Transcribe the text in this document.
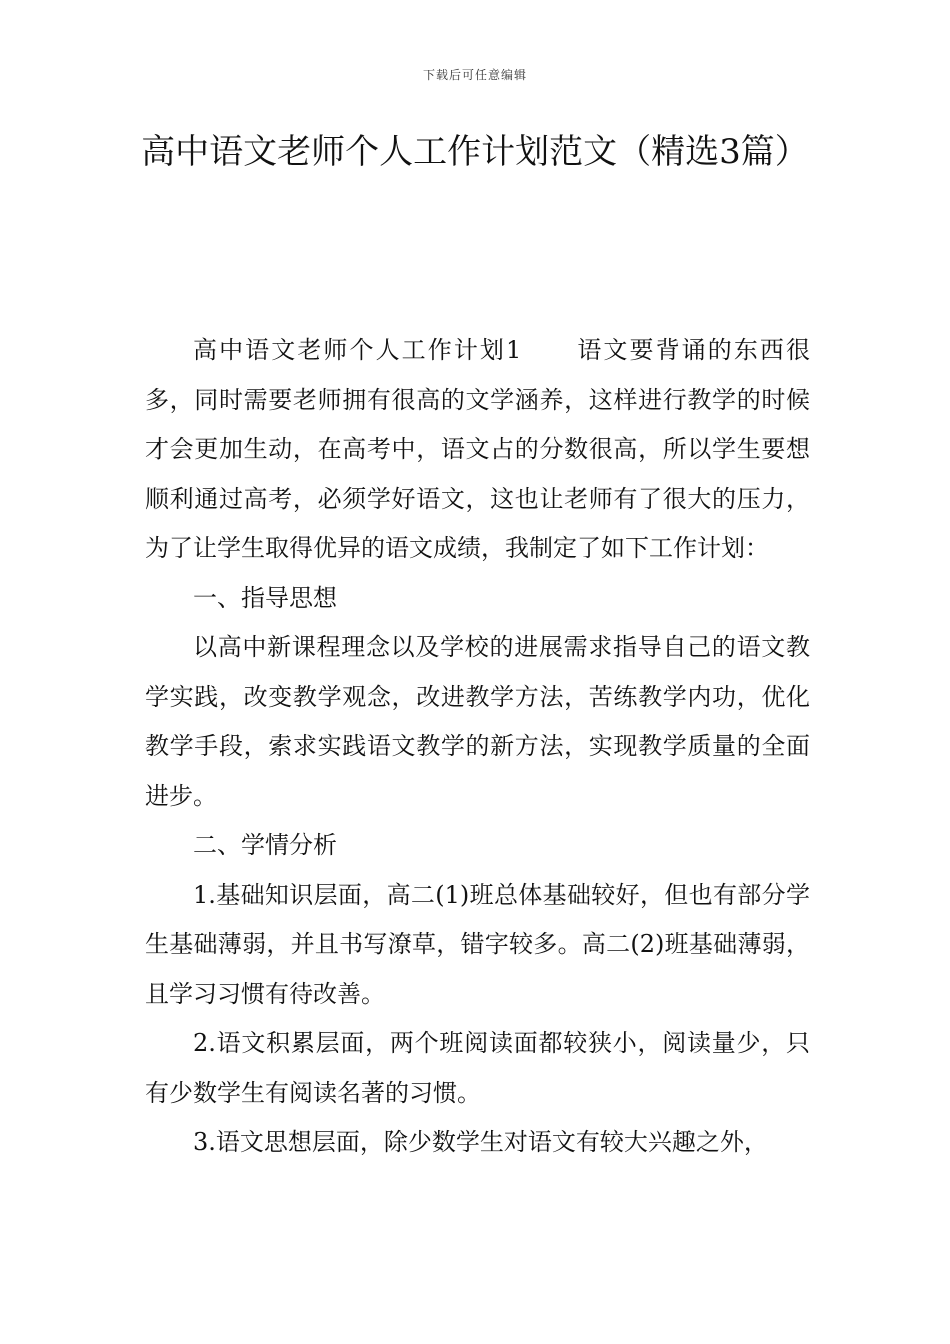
下载后可任意编辑
高中语文老师个人工作计划范文（精选3篇）

高中语文老师个人工作计划1 语文要背诵的东西很多，同时需要老师拥有很高的文学涵养，这样进行教学的时候才会更加生动，在高考中，语文占的分数很高，所以学生要想顺利通过高考，必须学好语文，这也让老师有了很大的压力，为了让学生取得优异的语文成绩，我制定了如下工作计划：

一、指导思想

以高中新课程理念以及学校的进展需求指导自己的语文教学实践，改变教学观念，改进教学方法，苦练教学内功，优化教学手段，索求实践语文教学的新方法，实现教学质量的全面进步。

二、学情分析

1.基础知识层面，高二(1)班总体基础较好，但也有部分学生基础薄弱，并且书写潦草，错字较多。高二(2)班基础薄弱，且学习习惯有待改善。

2.语文积累层面，两个班阅读面都较狭小，阅读量少，只有少数学生有阅读名著的习惯。

3.语文思想层面，除少数学生对语文有较大兴趣之外，
